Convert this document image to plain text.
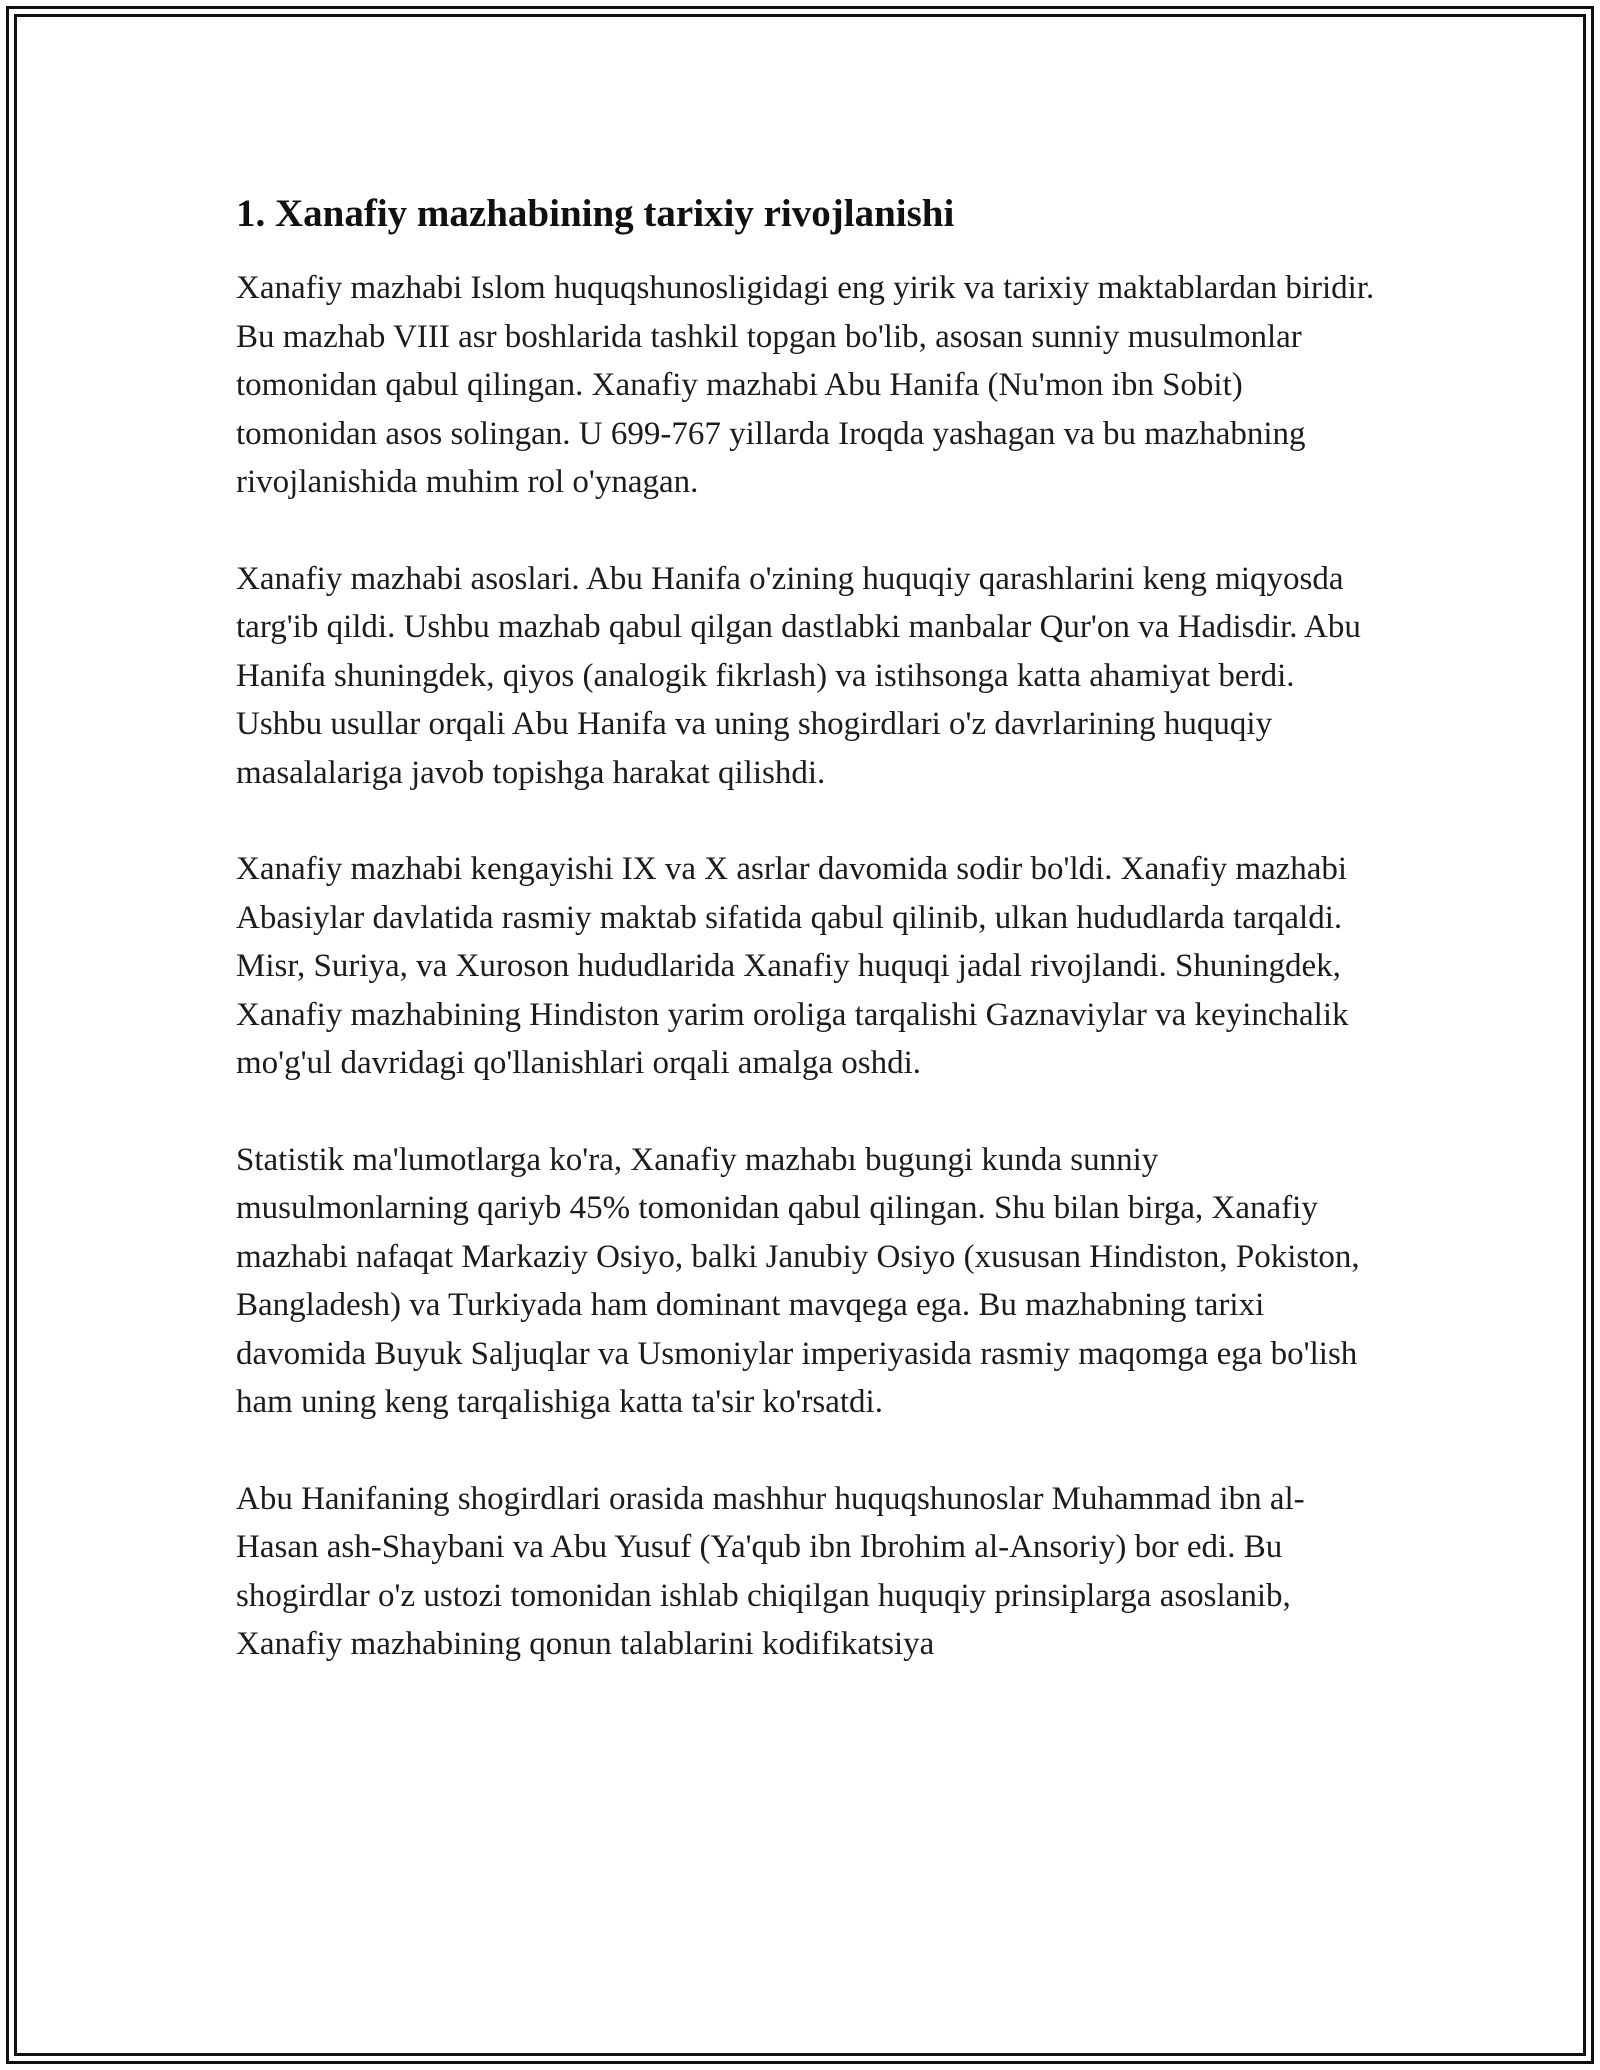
1. Xanafiy mazhabining tarixiy rivojlanishi

Xanafiy mazhabi Islom huquqshunosligidagi eng yirik va tarixiy maktablardan biridir. Bu mazhab VIII asr boshlarida tashkil topgan bo'lib, asosan sunniy musulmonlar tomonidan qabul qilingan. Xanafiy mazhabi Abu Hanifa (Nu'mon ibn Sobit) tomonidan asos solingan. U 699-767 yillarda Iroqda yashagan va bu mazhabning rivojlanishida muhim rol o'ynagan.

Xanafiy mazhabi asoslari. Abu Hanifa o'zining huquqiy qarashlarini keng miqyosda targ'ib qildi. Ushbu mazhab qabul qilgan dastlabki manbalar Qur'on va Hadisdir. Abu Hanifa shuningdek, qiyos (analogik fikrlash) va istihsonga katta ahamiyat berdi. Ushbu usullar orqali Abu Hanifa va uning shogirdlari o'z davrlarining huquqiy masalalariga javob topishga harakat qilishdi.

Xanafiy mazhabi kengayishi IX va X asrlar davomida sodir bo'ldi. Xanafiy mazhabi Abasiylar davlatida rasmiy maktab sifatida qabul qilinib, ulkan hududlarda tarqaldi. Misr, Suriya, va Xuroson hududlarida Xanafiy huquqi jadal rivojlandi. Shuningdek, Xanafiy mazhabining Hindiston yarim oroliga tarqalishi Gaznaviylar va keyinchalik mo'g'ul davridagi qo'llanishlari orqali amalga oshdi.

Statistik ma'lumotlarga ko'ra, Xanafiy mazhabı bugungi kunda sunniy musulmonlarning qariyb 45% tomonidan qabul qilingan. Shu bilan birga, Xanafiy mazhabi nafaqat Markaziy Osiyo, balki Janubiy Osiyo (xususan Hindiston, Pokiston, Bangladesh) va Turkiyada ham dominant mavqega ega. Bu mazhabning tarixi davomida Buyuk Saljuqlar va Usmoniylar imperiyasida rasmiy maqomga ega bo'lish ham uning keng tarqalishiga katta ta'sir ko'rsatdi.

Abu Hanifaning shogirdlari orasida mashhur huquqshunoslar Muhammad ibn al-Hasan ash-Shaybani va Abu Yusuf (Ya'qub ibn Ibrohim al-Ansoriy) bor edi. Bu shogirdlar o'z ustozi tomonidan ishlab chiqilgan huquqiy prinsiplarga asoslanib, Xanafiy mazhabining qonun talablarini kodifikatsiya
